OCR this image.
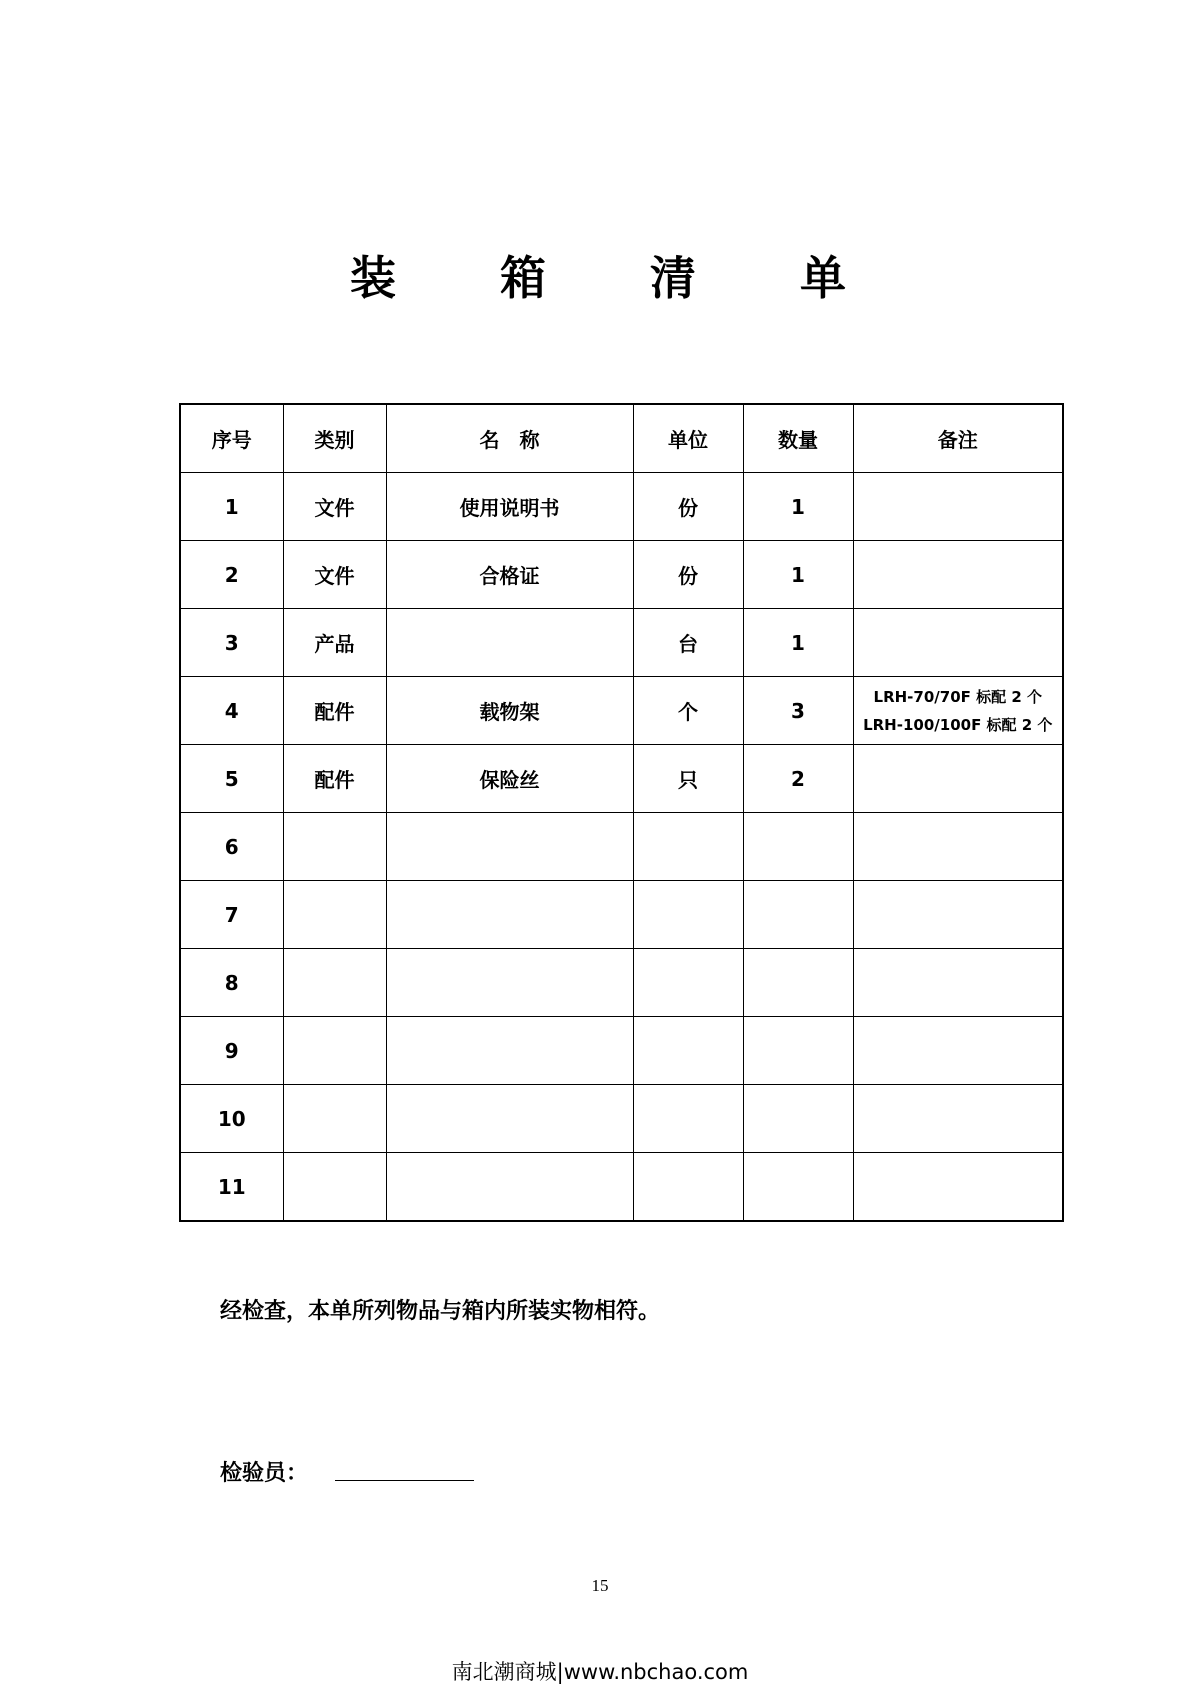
装 箱 清 单
序号	类别	名　称	单位	数量	备注
1	文件	使用说明书	份	1	
2	文件	合格证	份	1	
3	产品		台	1	
4	配件	载物架	个	3	LRH-70/70F 标配 2 个
LRH-100/100F 标配 2 个

5	配件	保险丝	只	2	
6					
7					
8					
9					
10					
11					
经检查，本单所列物品与箱内所装实物相符。
检验员：
15
南北潮商城|www.nbchao.com
